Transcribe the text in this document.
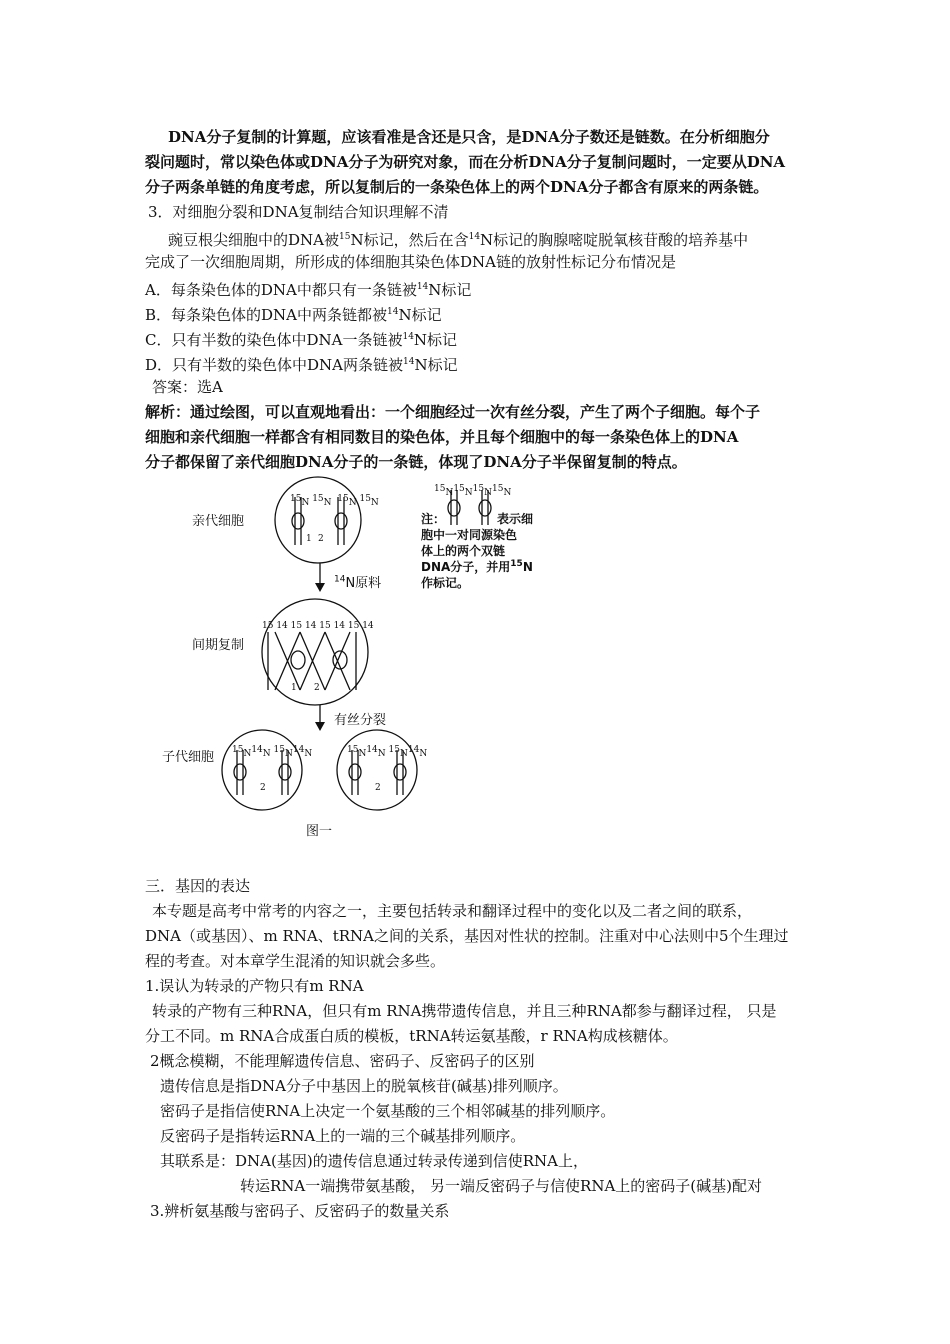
DNA分子复制的计算题，应该看准是含还是只含，是DNA分子数还是链数。在分析细胞分
裂问题时，常以染色体或DNA分子为研究对象，而在分析DNA分子复制问题时，一定要从DNA
分子两条单链的角度考虑，所以复制后的一条染色体上的两个DNA分子都含有原来的两条链。
3．对细胞分裂和DNA复制结合知识理解不清
豌豆根尖细胞中的DNA被$^{15}$N标记，然后在含$^{14}$N标记的胸腺嘧啶脱氧核苷酸的培养基中
完成了一次细胞周期，所形成的体细胞其染色体DNA链的放射性标记分布情况是
A．每条染色体的DNA中都只有一条链被$^{14}$N标记
B．每条染色体的DNA中两条链都被$^{14}$N标记
C．只有半数的染色体中DNA一条链被$^{14}$N标记
D．只有半数的染色体中DNA两条链被$^{14}$N标记
答案：选A
解析：通过绘图，可以直观地看出：一个细胞经过一次有丝分裂，产生了两个子细胞。每个子
细胞和亲代细胞一样都含有相同数目的染色体，并且每个细胞中的每一条染色体上的DNA
分子都保留了亲代细胞DNA分子的一条链，体现了DNA分子半保留复制的特点。
亲代细胞
间期复制
子代细胞
$^{14}$N原料
有丝分裂
图一
$^{15}$N $^{15}$N $^{15}$N $^{15}$N
1 2
15 14 15 14 15 14 15 14
1 2
$^{15}N^{14}N$ $^{15}N^{14}N$
2
$^{15}N^{14}N$ $^{15}N^{14}N$
2
$^{15}N^{15}N^{15}N^{15}N$
注：	表示细
胞中一对同源染色
体上的两个双链
DNA分子，并用$^{15}$N
作标记。
三．基因的表达
本专题是高考中常考的内容之一，主要包括转录和翻译过程中的变化以及二者之间的联系，
DNA（或基因）、m RNA、tRNA之间的关系，基因对性状的控制。注重对中心法则中5个生理过
程的考查。对本章学生混淆的知识就会多些。
1.误认为转录的产物只有m RNA
转录的产物有三种RNA，但只有m RNA携带遗传信息，并且三种RNA都参与翻译过程， 只是
分工不同。m RNA合成蛋白质的模板，tRNA转运氨基酸，r RNA构成核糖体。
2概念模糊，不能理解遗传信息、密码子、反密码子的区别
遗传信息是指DNA分子中基因上的脱氧核苷(碱基)排列顺序。
密码子是指信使RNA上决定一个氨基酸的三个相邻碱基的排列顺序。
反密码子是指转运RNA上的一端的三个碱基排列顺序。
其联系是：DNA(基因)的遗传信息通过转录传递到信使RNA上，
转运RNA一端携带氨基酸， 另一端反密码子与信使RNA上的密码子(碱基)配对
3.辨析氨基酸与密码子、反密码子的数量关系
